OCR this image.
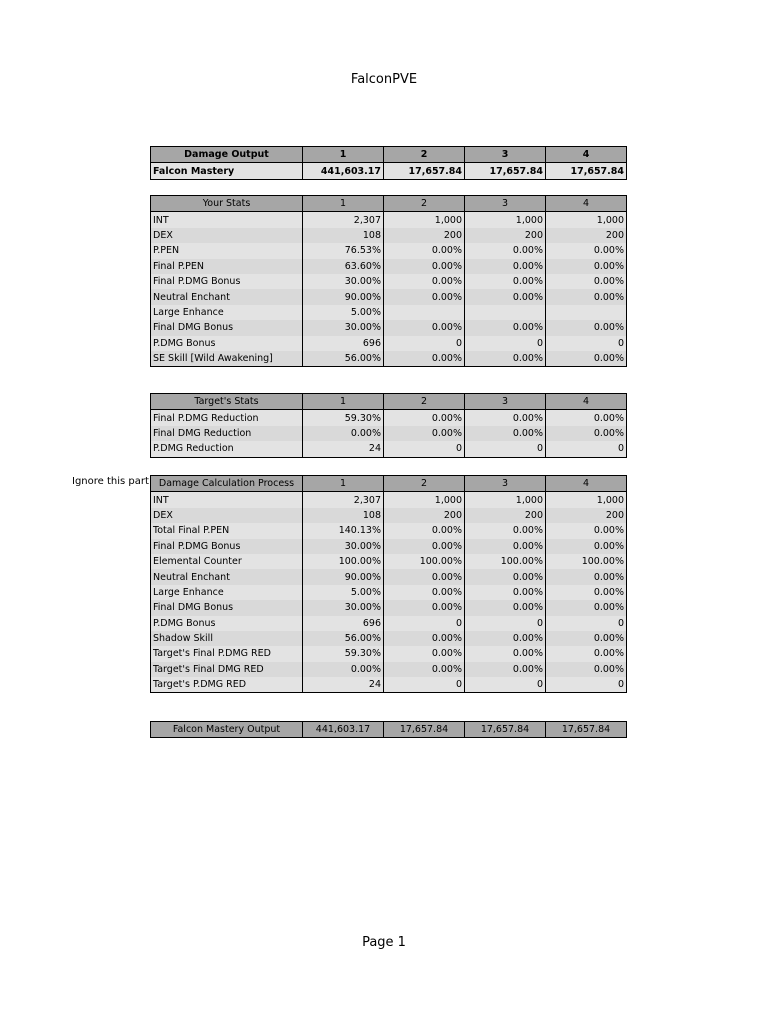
FalconPVE
Ignore this part
Damage Output	1	2	3	4
Falcon Mastery	441,603.17	17,657.84	17,657.84	17,657.84
Your Stats	1	2	3	4
INT	2,307	1,000	1,000	1,000
DEX	108	200	200	200
P.PEN	76.53%	0.00%	0.00%	0.00%
Final P.PEN	63.60%	0.00%	0.00%	0.00%
Final P.DMG Bonus	30.00%	0.00%	0.00%	0.00%
Neutral Enchant	90.00%	0.00%	0.00%	0.00%
Large Enhance	5.00%			
Final DMG Bonus	30.00%	0.00%	0.00%	0.00%
P.DMG Bonus	696	0	0	0
SE Skill [Wild Awakening]	56.00%	0.00%	0.00%	0.00%
Target's Stats	1	2	3	4
Final P.DMG Reduction	59.30%	0.00%	0.00%	0.00%
Final DMG Reduction	0.00%	0.00%	0.00%	0.00%
P.DMG Reduction	24	0	0	0
Damage Calculation Process	1	2	3	4
INT	2,307	1,000	1,000	1,000
DEX	108	200	200	200
Total Final P.PEN	140.13%	0.00%	0.00%	0.00%
Final P.DMG Bonus	30.00%	0.00%	0.00%	0.00%
Elemental Counter	100.00%	100.00%	100.00%	100.00%
Neutral Enchant	90.00%	0.00%	0.00%	0.00%
Large Enhance	5.00%	0.00%	0.00%	0.00%
Final DMG Bonus	30.00%	0.00%	0.00%	0.00%
P.DMG Bonus	696	0	0	0
Shadow Skill	56.00%	0.00%	0.00%	0.00%
Target's Final P.DMG RED	59.30%	0.00%	0.00%	0.00%
Target's Final DMG RED	0.00%	0.00%	0.00%	0.00%
Target's P.DMG RED	24	0	0	0
Falcon Mastery Output	441,603.17	17,657.84	17,657.84	17,657.84
Page 1
